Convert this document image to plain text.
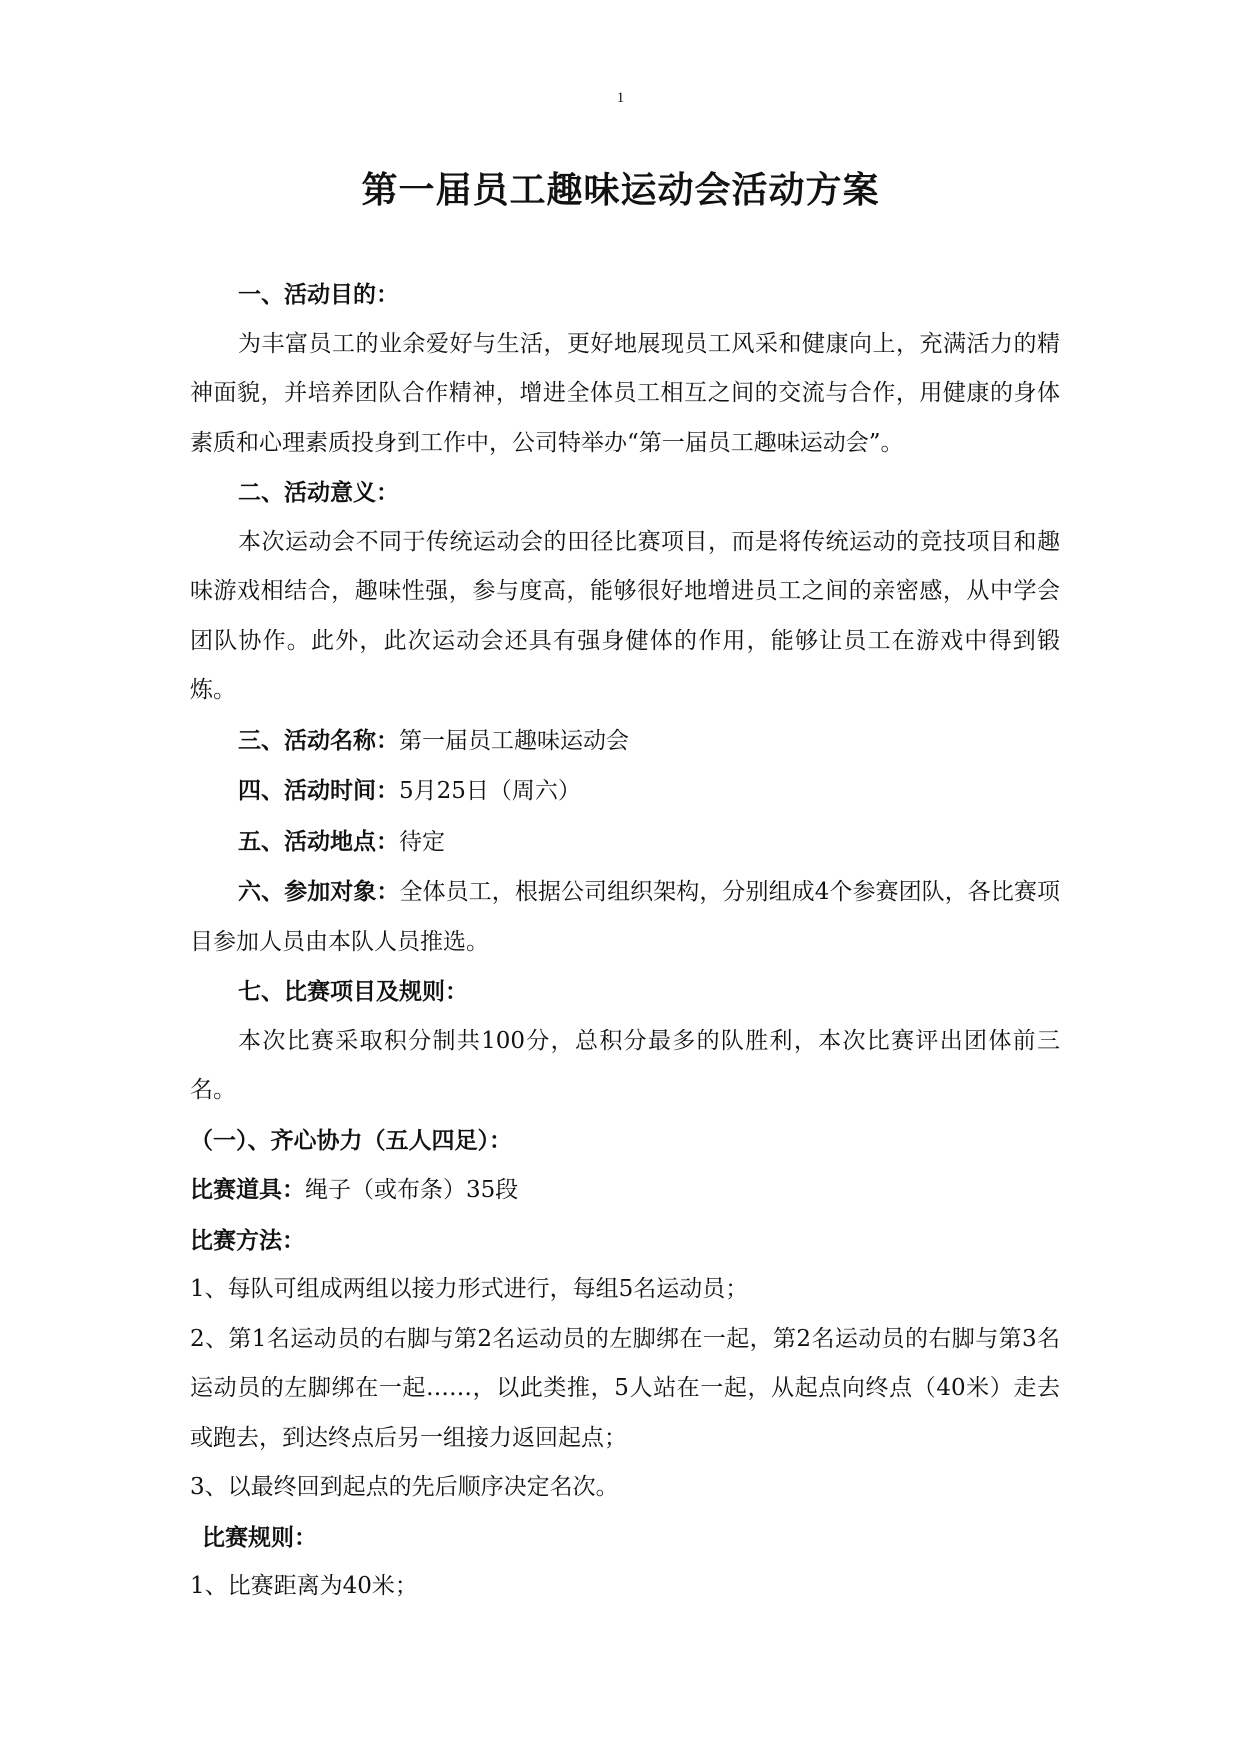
1
第一届员工趣味运动会活动方案

一、活动目的：

为丰富员工的业余爱好与生活，更好地展现员工风采和健康向上，充满活力的精神面貌，并培养团队合作精神，增进全体员工相互之间的交流与合作，用健康的身体素质和心理素质投身到工作中，公司特举办“第一届员工趣味运动会”。

二、活动意义：

本次运动会不同于传统运动会的田径比赛项目，而是将传统运动的竞技项目和趣味游戏相结合，趣味性强，参与度高，能够很好地增进员工之间的亲密感，从中学会团队协作。此外，此次运动会还具有强身健体的作用，能够让员工在游戏中得到锻炼。

三、活动名称：第一届员工趣味运动会

四、活动时间：5月25日（周六）

五、活动地点：待定

六、参加对象：全体员工，根据公司组织架构，分别组成4个参赛团队，各比赛项目参加人员由本队人员推选。

七、比赛项目及规则：

本次比赛采取积分制共100分，总积分最多的队胜利，本次比赛评出团体前三名。

（一）、齐心协力（五人四足）：

比赛道具：绳子（或布条）35段

比赛方法：

1、每队可组成两组以接力形式进行，每组5名运动员；

2、第1名运动员的右脚与第2名运动员的左脚绑在一起，第2名运动员的右脚与第3名运动员的左脚绑在一起……，以此类推，5人站在一起，从起点向终点（40米）走去或跑去，到达终点后另一组接力返回起点；

3、以最终回到起点的先后顺序决定名次。

比赛规则：

1、比赛距离为40米；
